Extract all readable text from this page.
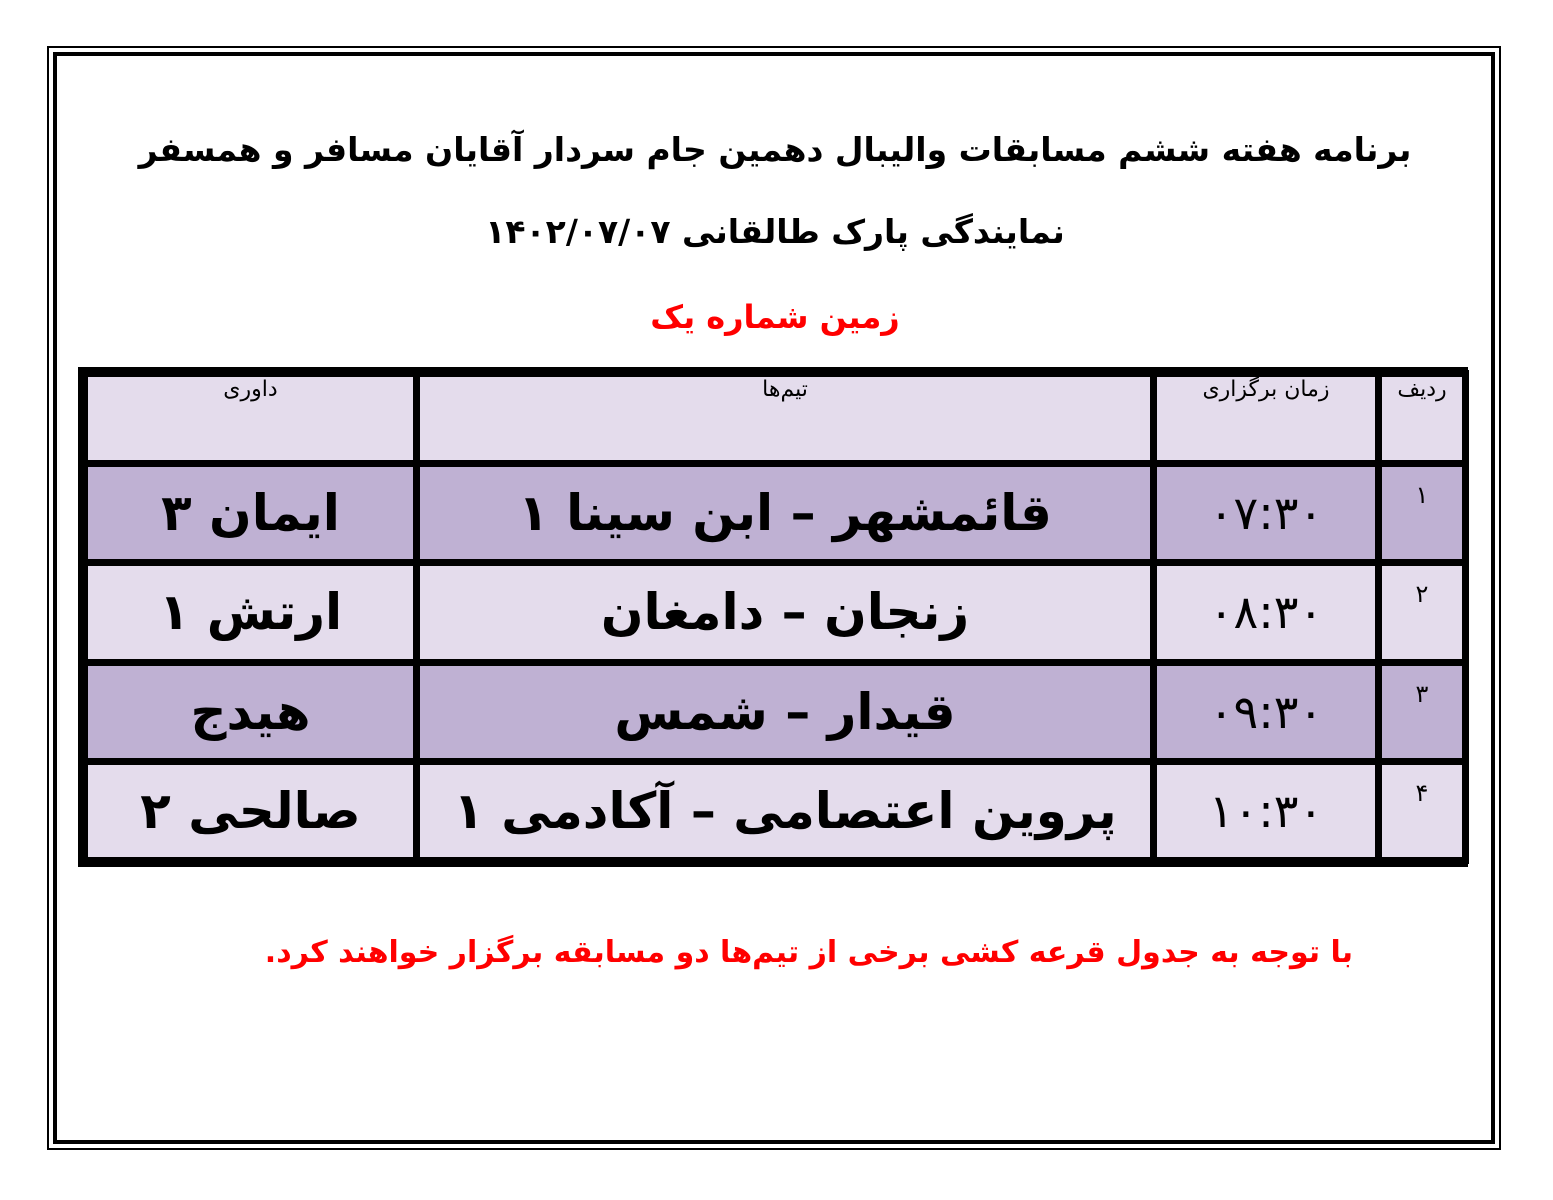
برنامه هفته ششم مسابقات والیبال دهمین جام سردار آقایان مسافر و همسفر
نمایندگی پارک طالقانی ۱۴۰۲/۰۷/۰۷
زمین شماره یک
ردیف	زمان برگزاری	تیم‌ها	داوری
۱	۰۷:۳۰	قائمشهر – ابن سینا ۱	ایمان ۳
۲	۰۸:۳۰	زنجان – دامغان	ارتش ۱
۳	۰۹:۳۰	قیدار – شمس	هیدج
۴	۱۰:۳۰	پروین اعتصامی – آکادمی ۱	صالحی ۲
با توجه به جدول قرعه کشی برخی از تیم‌ها دو مسابقه برگزار خواهند کرد.
